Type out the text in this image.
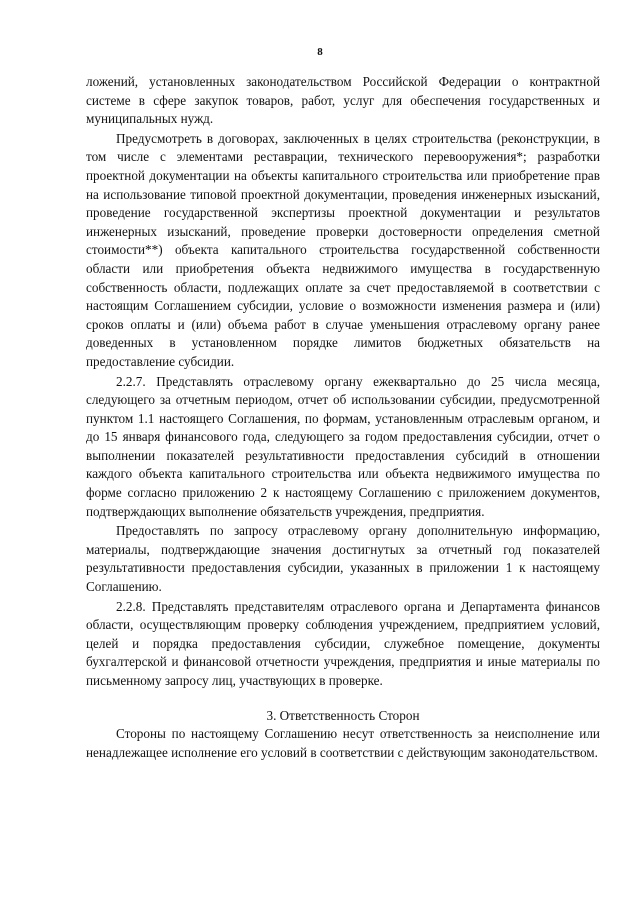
8

ложений, установленных законодательством Российской Федерации о контрактной системе в сфере закупок товаров, работ, услуг для обеспечения государственных и муниципальных нужд.

Предусмотреть в договорах, заключенных в целях строительства (реконструкции, в том числе с элементами реставрации, технического перевооружения*; разработки проектной документации на объекты капитального строительства или приобретение прав на использование типовой проектной документации, проведения инженерных изысканий, проведение государственной экспертизы проектной документации и результатов инженерных изысканий, проведение проверки достоверности определения сметной стоимости**) объекта капитального строительства государственной собственности области или приобретения объекта недвижимого имущества в государственную собственность области, подлежащих оплате за счет предоставляемой в соответствии с настоящим Соглашением субсидии, условие о возможности изменения размера и (или) сроков оплаты и (или) объема работ в случае уменьшения отраслевому органу ранее доведенных в установленном порядке лимитов бюджетных обязательств на предоставление субсидии.

2.2.7. Представлять отраслевому органу ежеквартально до 25 числа месяца, следующего за отчетным периодом, отчет об использовании субсидии, предусмотренной пунктом 1.1 настоящего Соглашения, по формам, установленным отраслевым органом, и до 15 января финансового года, следующего за годом предоставления субсидии, отчет о выполнении показателей результативности предоставления субсидий в отношении каждого объекта капитального строительства или объекта недвижимого имущества по форме согласно приложению 2 к настоящему Соглашению с приложением документов, подтверждающих выполнение обязательств учреждения, предприятия.

Предоставлять по запросу отраслевому органу дополнительную информацию, материалы, подтверждающие значения достигнутых за отчетный год показателей результативности предоставления субсидии, указанных в приложении 1 к настоящему Соглашению.

2.2.8. Представлять представителям отраслевого органа и Департамента финансов области, осуществляющим проверку соблюдения учреждением, предприятием условий, целей и порядка предоставления субсидии, служебное помещение, документы бухгалтерской и финансовой отчетности учреждения, предприятия и иные материалы по письменному запросу лиц, участвующих в проверке.

3. Ответственность Сторон

Стороны по настоящему Соглашению несут ответственность за неисполнение или ненадлежащее исполнение его условий в соответствии с действующим законодательством.
